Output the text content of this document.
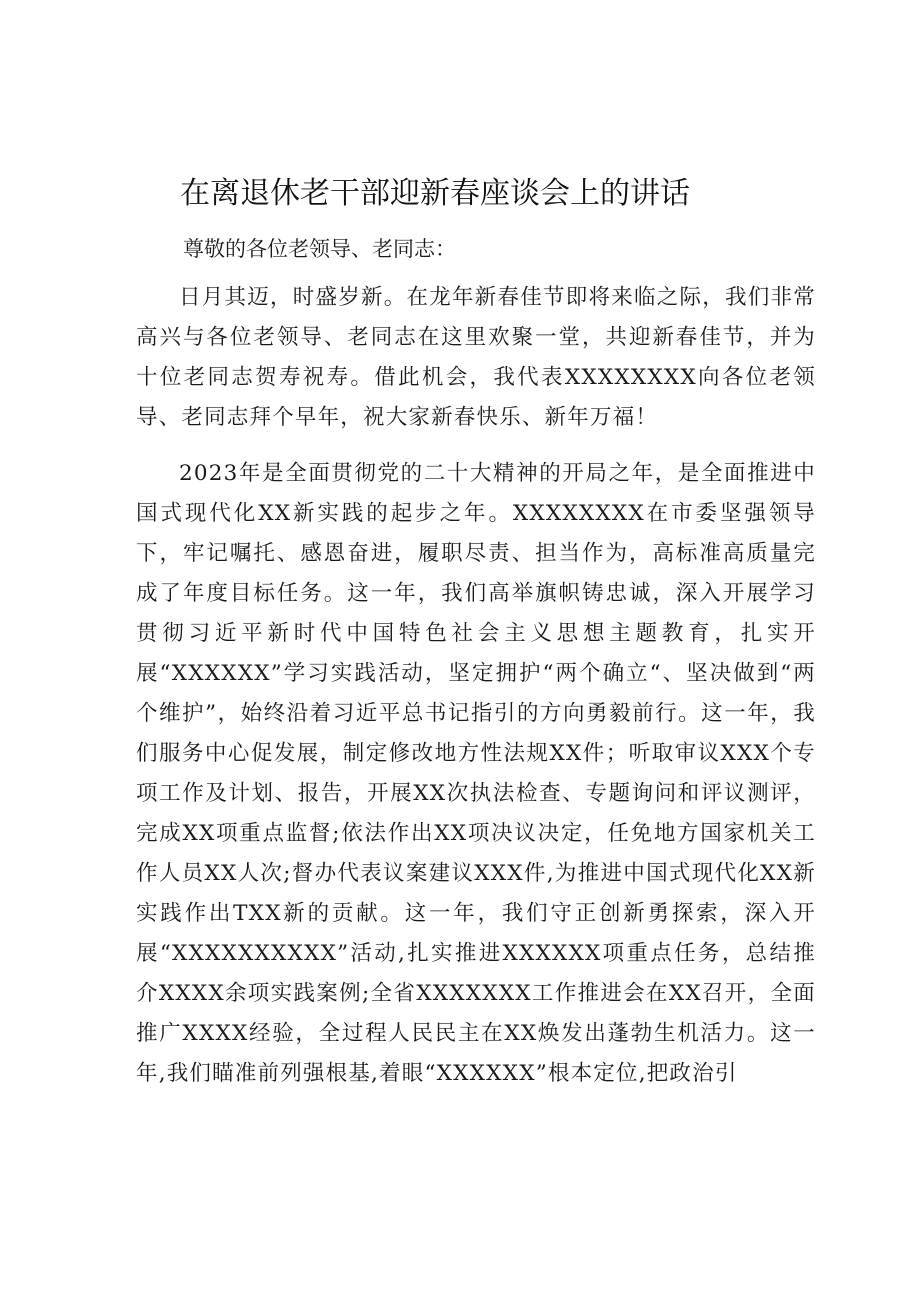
在离退休老干部迎新春座谈会上的讲话

尊敬的各位老领导、老同志：

日月其迈，时盛岁新。在龙年新春佳节即将来临之际，我们非常高兴与各位老领导、老同志在这里欢聚一堂，共迎新春佳节，并为十位老同志贺寿祝寿。借此机会，我代表XXXXXXXX向各位老领导、老同志拜个早年，祝大家新春快乐、新年万福！

2023年是全面贯彻党的二十大精神的开局之年，是全面推进中国式现代化XX新实践的起步之年。XXXXXXXX在市委坚强领导下，牢记嘱托、感恩奋进，履职尽责、担当作为，高标准高质量完成了年度目标任务。这一年，我们高举旗帜铸忠诚，深入开展学习贯彻习近平新时代中国特色社会主义思想主题教育，扎实开展“XXXXXX”学习实践活动，坚定拥护“两个确立“、坚决做到“两个维护”，始终沿着习近平总书记指引的方向勇毅前行。这一年，我们服务中心促发展，制定修改地方性法规XX件；听取审议XXX个专项工作及计划、报告，开展XX次执法检查、专题询问和评议测评，完成XX项重点监督;依法作出XX项决议决定，任免地方国家机关工作人员XX人次;督办代表议案建议XXX件,为推进中国式现代化XX新实践作出TXX新的贡献。这一年，我们守正创新勇探索，深入开展“XXXXXXXXXX”活动,扎实推进XXXXXX项重点任务，总结推介XXXX余项实践案例;全省XXXXXXX工作推进会在XX召开，全面推广XXXX经验，全过程人民民主在XX焕发出蓬勃生机活力。这一年,我们瞄准前列强根基,着眼“XXXXXX”根本定位,把政治引
